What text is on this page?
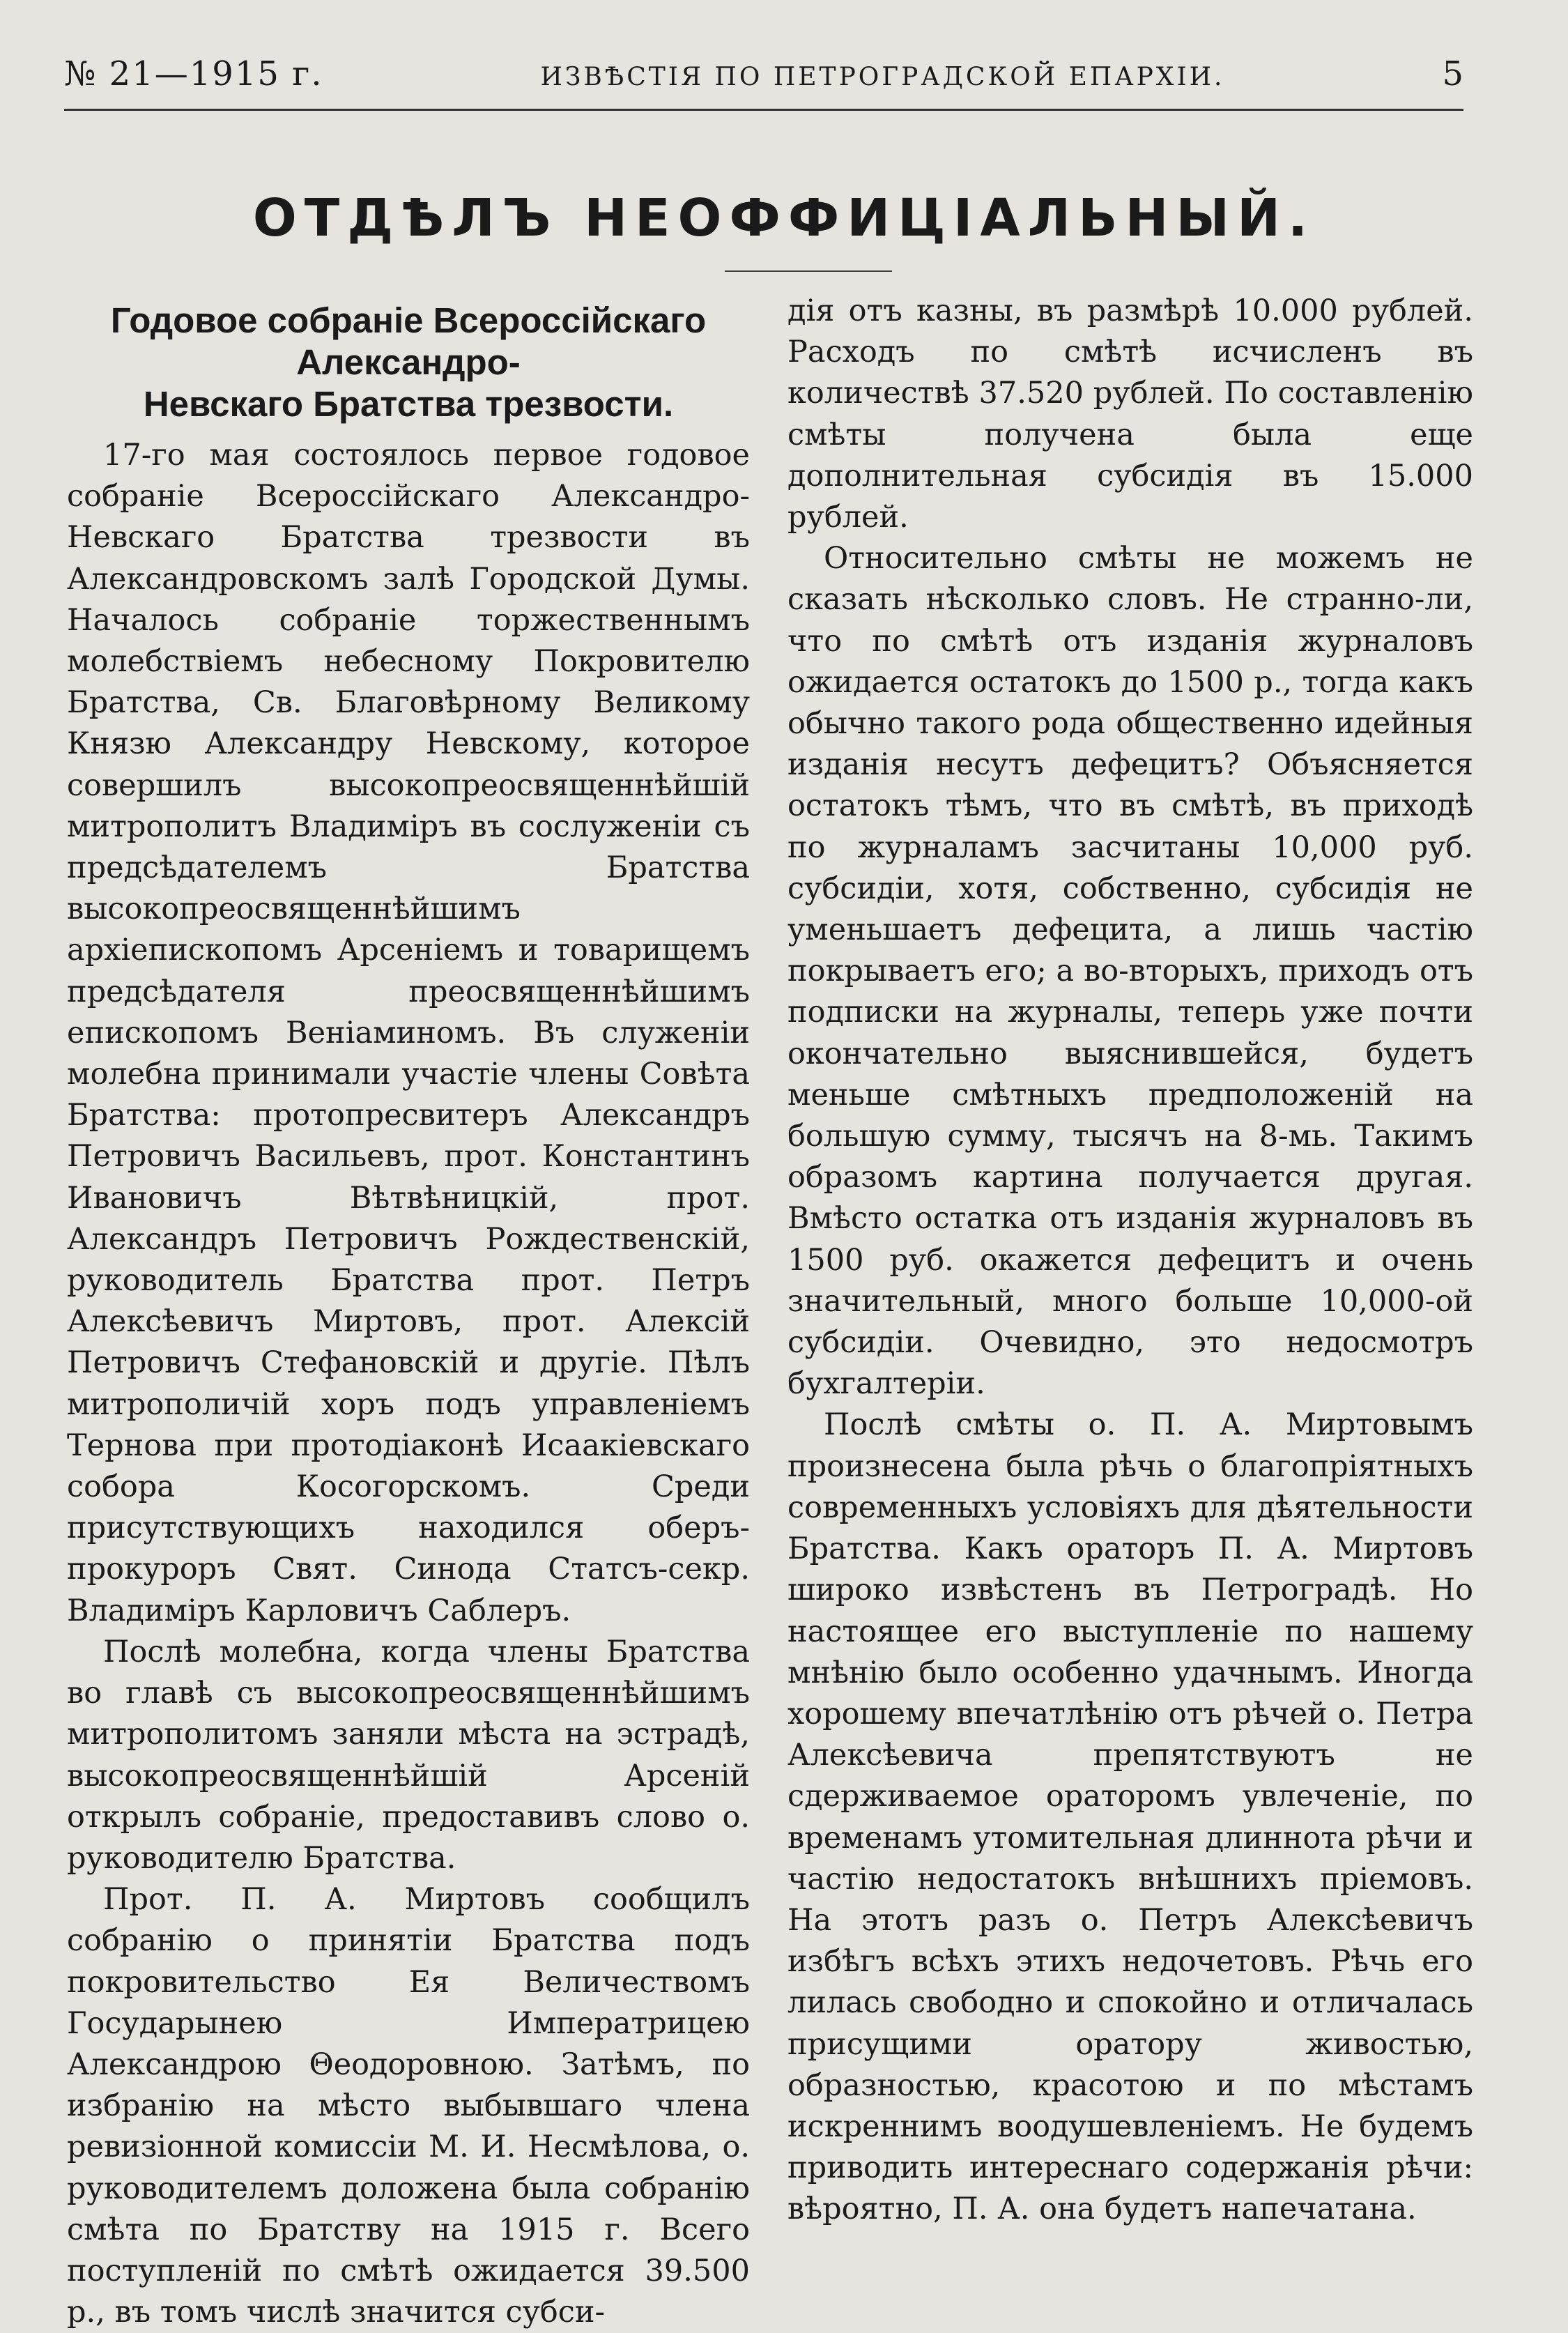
№ 21—1915 г.	ИЗВѢСТІЯ ПО ПЕТРОГРАДСКОЙ ЕПАРХІИ.	5
ОТДѢЛЪ НЕОФФИЦІАЛЬНЫЙ.
Годовое собраніе Всероссійскаго Александро-
Невскаго Братства трезвости.

17-го мая состоялось первое годовое собраніе Всероссійскаго Александро-Невскаго Братства трезвости въ Александровскомъ залѣ Городской Думы. Началось собраніе торжественнымъ молебствіемъ небесному Покровителю Братства, Св. Благовѣрному Великому Князю Александру Невскому, которое совершилъ высокопреосвященнѣйшій митрополитъ Владиміръ въ сослуженіи съ предсѣдателемъ Братства высокопреосвященнѣйшимъ архіепископомъ Арсеніемъ и товарищемъ предсѣдателя преосвященнѣйшимъ епископомъ Веніаминомъ. Въ служеніи молебна принимали участіе члены Совѣта Братства: протопресвитеръ Александръ Петровичъ Васильевъ, прот. Константинъ Ивановичъ Вѣтвѣницкій, прот. Александръ Петровичъ Рождественскій, руководитель Братства прот. Петръ Алексѣевичъ Миртовъ, прот. Алексій Петровичъ Стефановскій и другіе. Пѣлъ митрополичій хоръ подъ управленіемъ Тернова при протодіаконѣ Исаакіевскаго собора Косогорскомъ. Среди присутствующихъ находился оберъ-прокуроръ Свят. Синода Статсъ-секр. Владиміръ Карловичъ Саблеръ.

Послѣ молебна, когда члены Братства во главѣ съ высокопреосвященнѣйшимъ митрополитомъ заняли мѣста на эстрадѣ, высокопреосвященнѣйшій Арсеній открылъ собраніе, предоставивъ слово о. руководителю Братства.

Прот. П. А. Миртовъ сообщилъ собранію о принятіи Братства подъ покровительство Ея Величествомъ Государынею Императрицею Александрою Θеодоровною. Затѣмъ, по избранію на мѣсто выбывшаго члена ревизіонной комиссіи М. И. Несмѣлова, о. руководителемъ доложена была собранію смѣта по Братству на 1915 г. Всего поступленій по смѣтѣ ожидается 39.500 р., въ томъ числѣ значится субси-

дія отъ казны, въ размѣрѣ 10.000 рублей. Расходъ по смѣтѣ исчисленъ въ количествѣ 37.520 рублей. По составленію смѣты получена была еще дополнительная субсидія въ 15.000 рублей.

Относительно смѣты не можемъ не сказать нѣсколько словъ. Не странно-ли, что по смѣтѣ отъ изданія журналовъ ожидается остатокъ до 1500 р., тогда какъ обычно такого рода общественно идейныя изданія несутъ дефецитъ? Объясняется остатокъ тѣмъ, что въ смѣтѣ, въ приходѣ по журналамъ засчитаны 10,000 руб. субсидіи, хотя, собственно, субсидія не уменьшаетъ дефецита, а лишь частію покрываетъ его; а во-вторыхъ, приходъ отъ подписки на журналы, теперь уже почти окончательно выяснившейся, будетъ меньше смѣтныхъ предположеній на большую сумму, тысячъ на 8-мь. Такимъ образомъ картина получается другая. Вмѣсто остатка отъ изданія журналовъ въ 1500 руб. окажется дефецитъ и очень значительный, много больше 10,000-ой субсидіи. Очевидно, это недосмотръ бухгалтеріи.

Послѣ смѣты о. П. А. Миртовымъ произнесена была рѣчь о благопріятныхъ современныхъ условіяхъ для дѣятельности Братства. Какъ ораторъ П. А. Миртовъ широко извѣстенъ въ Петроградѣ. Но настоящее его выступленіе по нашему мнѣнію было особенно удачнымъ. Иногда хорошему впечатлѣнію отъ рѣчей о. Петра Алексѣевича препятствуютъ не сдерживаемое ораторомъ увлеченіе, по временамъ утомительная длиннота рѣчи и частію недостатокъ внѣшнихъ пріемовъ. На этотъ разъ о. Петръ Алексѣевичъ избѣгъ всѣхъ этихъ недочетовъ. Рѣчь его лилась свободно и спокойно и отличалась присущими оратору живостью, образностью, красотою и по мѣстамъ искреннимъ воодушевленіемъ. Не будемъ приводить интереснаго содержанія рѣчи: вѣроятно, П. А. она будетъ напечатана.
